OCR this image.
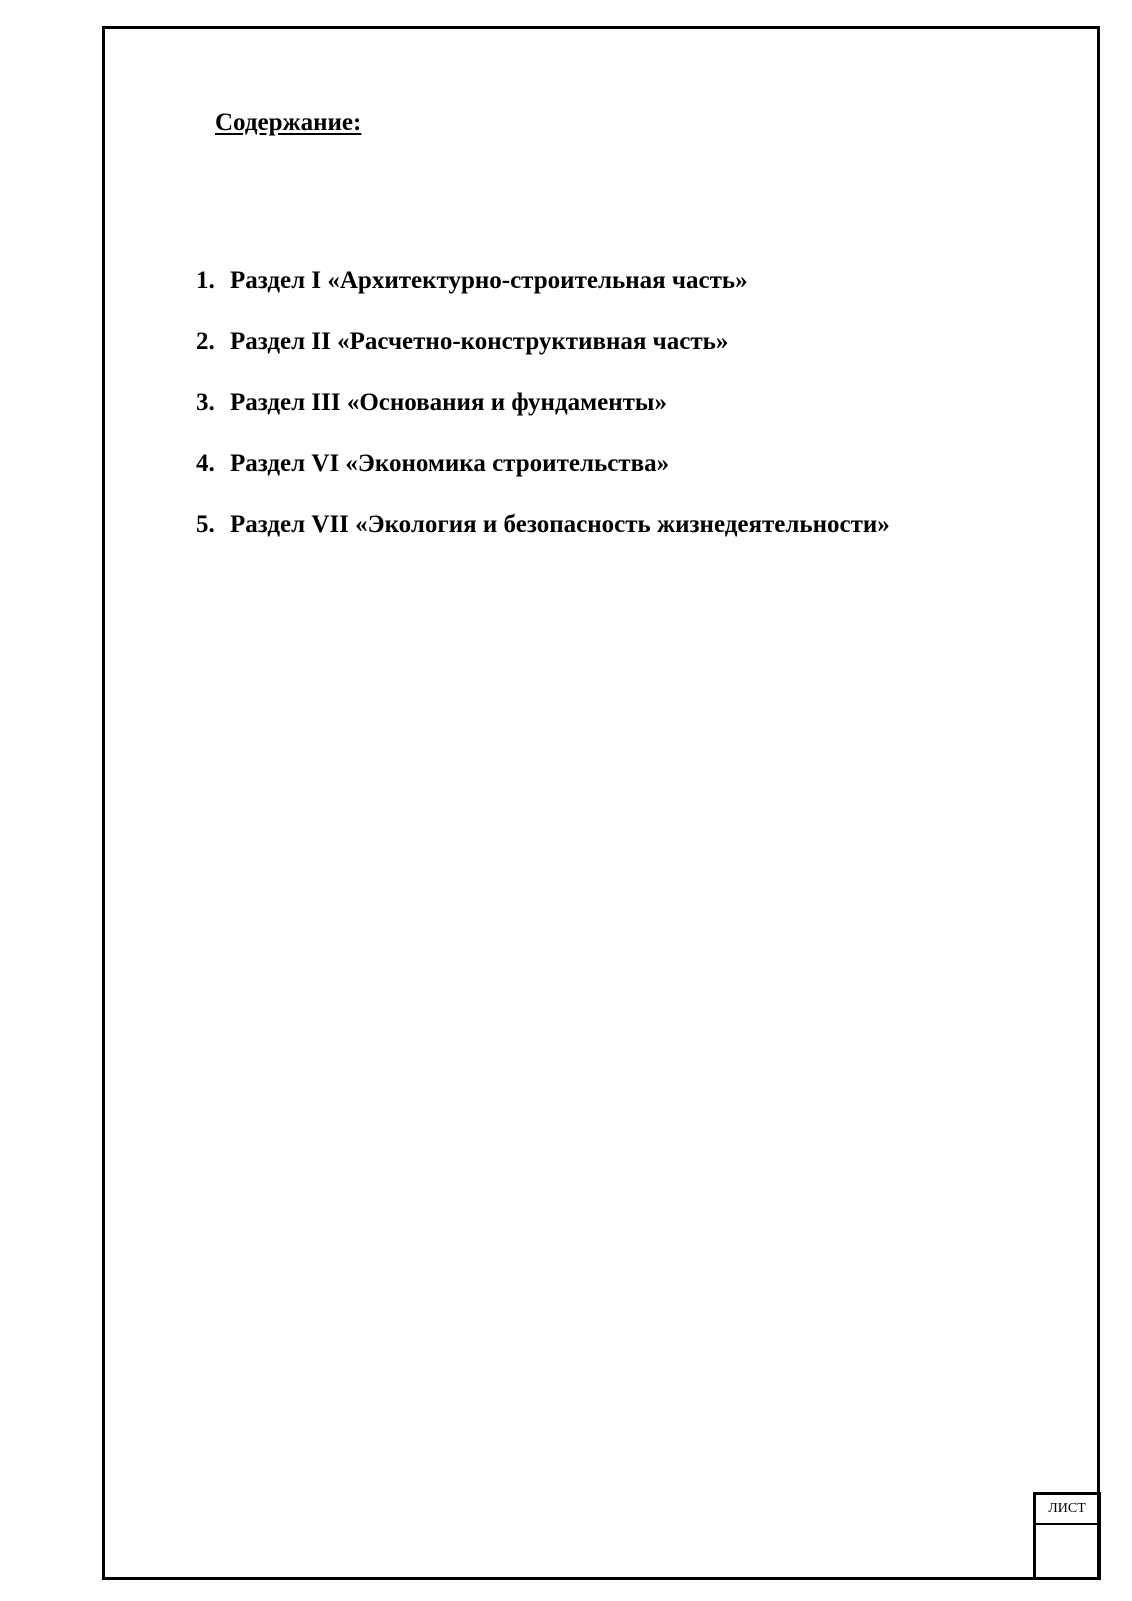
Содержание:
1. Раздел I «Архитектурно-строительная часть»
2. Раздел II «Расчетно-конструктивная часть»
3. Раздел III «Основания и фундаменты»
4. Раздел VI «Экономика строительства»
5. Раздел VII «Экология и безопасность жизнедеятельности»
ЛИСТ
